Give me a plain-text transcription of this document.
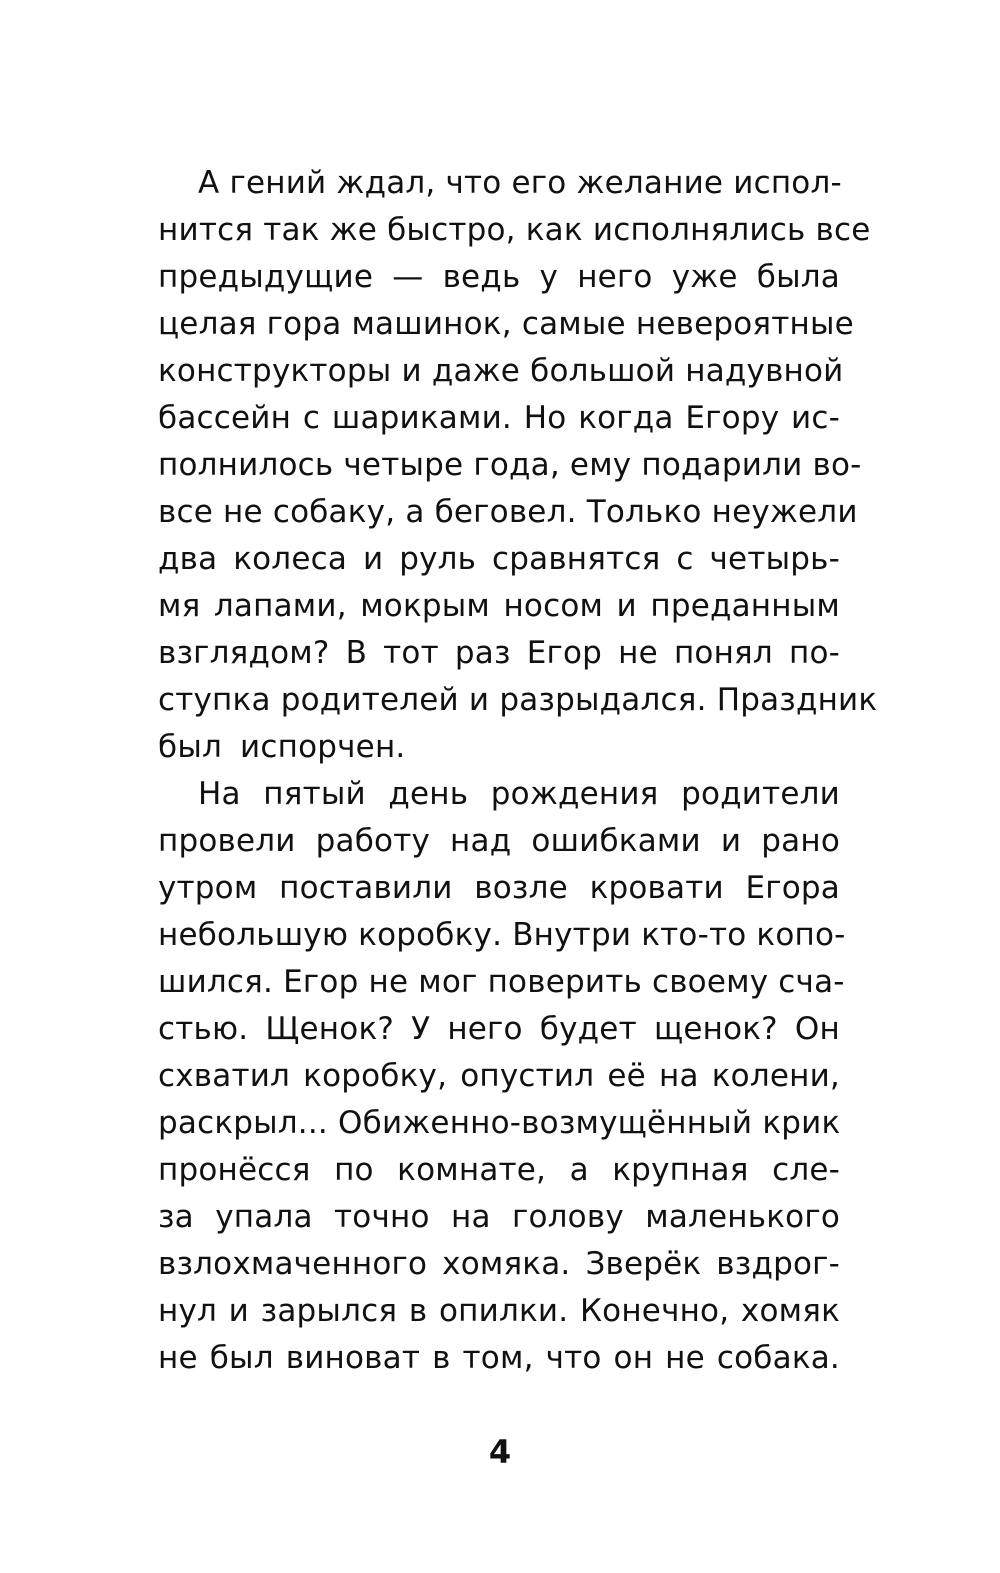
А гений ждал, что его желание испол-
нится так же быстро, как исполнялись все
предыдущие — ведь у него уже была
целая гора машинок, самые невероятные
конструкторы и даже большой надувной
бассейн с шариками. Но когда Егору ис-
полнилось четыре года, ему подарили во-
все не собаку, а беговел. Только неужели
два колеса и руль сравнятся с четырь-
мя лапами, мокрым носом и преданным
взглядом? В тот раз Егор не понял по-
ступка родителей и разрыдался. Праздник
был испорчен.
На пятый день рождения родители
провели работу над ошибками и рано
утром поставили возле кровати Егора
небольшую коробку. Внутри кто-то копо-
шился. Егор не мог поверить своему сча-
стью. Щенок? У него будет щенок? Он
схватил коробку, опустил её на колени,
раскрыл... Обиженно-возмущённый крик
пронёсся по комнате, а крупная сле-
за упала точно на голову маленького
взлохмаченного хомяка. Зверёк вздрог-
нул и зарылся в опилки. Конечно, хомяк
не был виноват в том, что он не собака.
4
